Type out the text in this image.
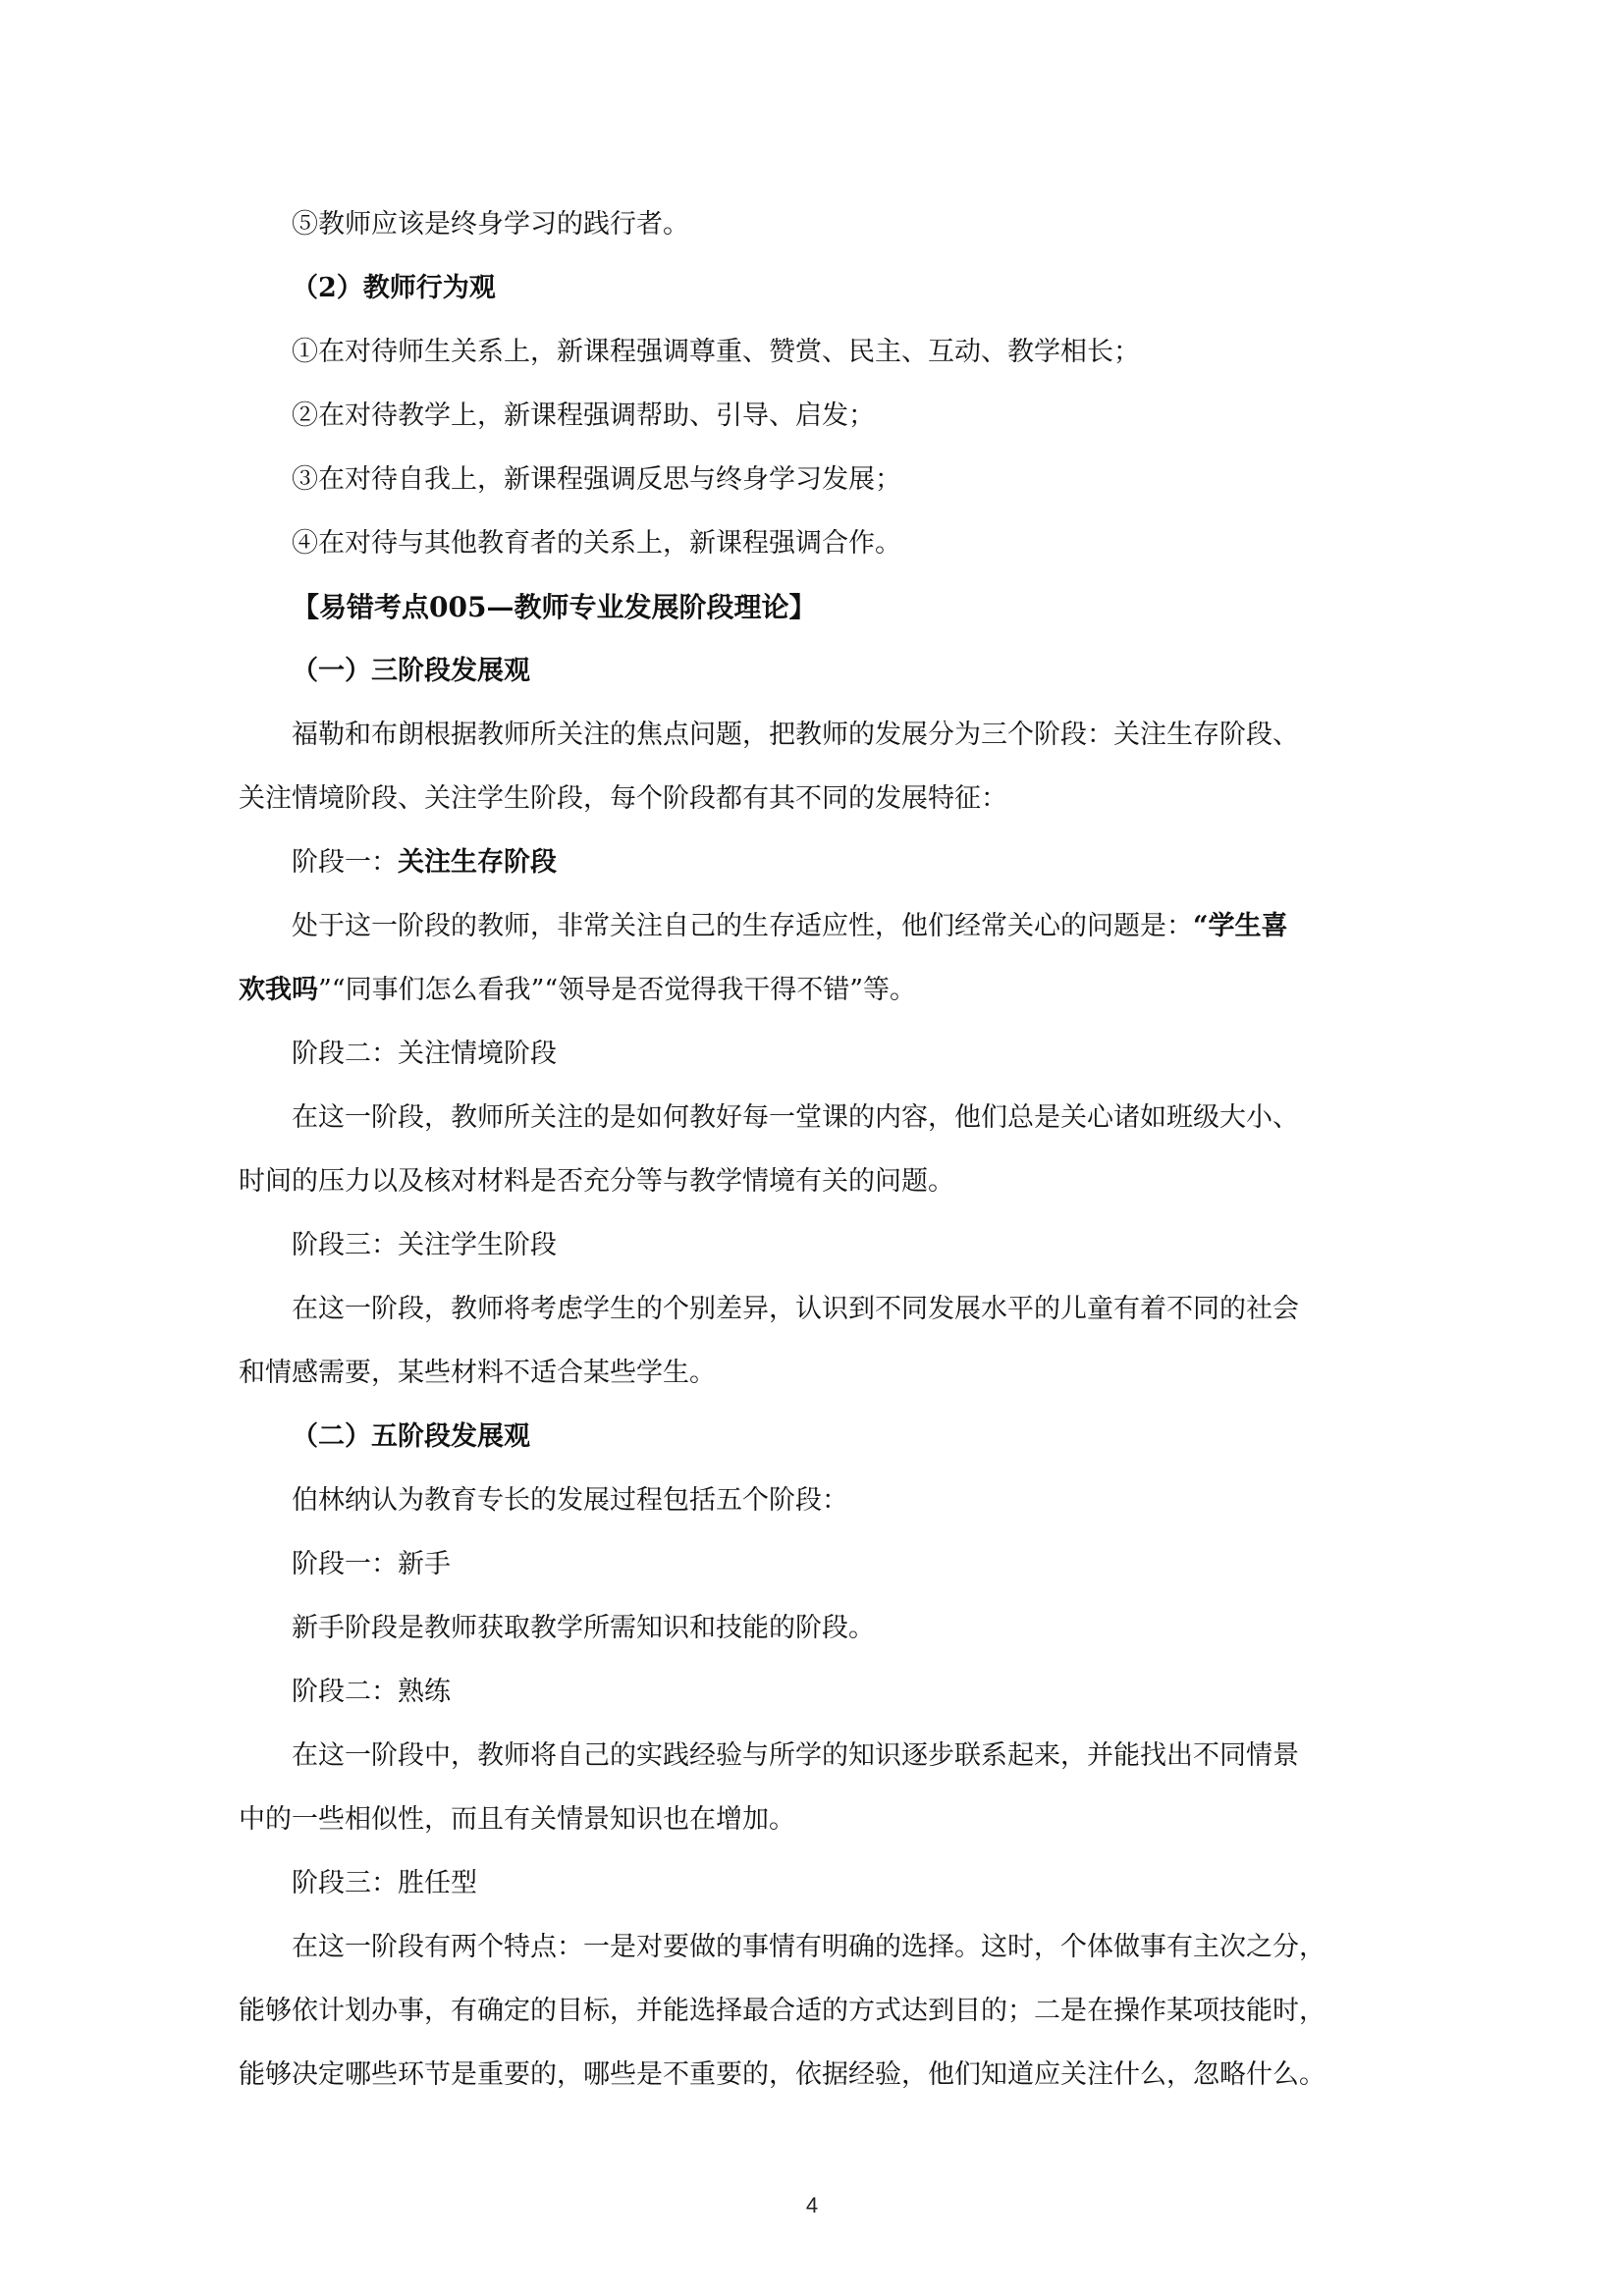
⑤教师应该是终身学习的践行者。

（2）教师行为观

①在对待师生关系上，新课程强调尊重、赞赏、民主、互动、教学相长；

②在对待教学上，新课程强调帮助、引导、启发；

③在对待自我上，新课程强调反思与终身学习发展；

④在对待与其他教育者的关系上，新课程强调合作。

【易错考点005—教师专业发展阶段理论】

（一）三阶段发展观

福勒和布朗根据教师所关注的焦点问题，把教师的发展分为三个阶段：关注生存阶段、

关注情境阶段、关注学生阶段，每个阶段都有其不同的发展特征：

阶段一：关注生存阶段

处于这一阶段的教师，非常关注自己的生存适应性，他们经常关心的问题是：“学生喜

欢我吗”“同事们怎么看我”“领导是否觉得我干得不错”等。

阶段二：关注情境阶段

在这一阶段，教师所关注的是如何教好每一堂课的内容，他们总是关心诸如班级大小、

时间的压力以及核对材料是否充分等与教学情境有关的问题。

阶段三：关注学生阶段

在这一阶段，教师将考虑学生的个别差异，认识到不同发展水平的儿童有着不同的社会

和情感需要，某些材料不适合某些学生。

（二）五阶段发展观

伯林纳认为教育专长的发展过程包括五个阶段：

阶段一：新手

新手阶段是教师获取教学所需知识和技能的阶段。

阶段二：熟练

在这一阶段中，教师将自己的实践经验与所学的知识逐步联系起来，并能找出不同情景

中的一些相似性，而且有关情景知识也在增加。

阶段三：胜任型

在这一阶段有两个特点：一是对要做的事情有明确的选择。这时，个体做事有主次之分，

能够依计划办事，有确定的目标，并能选择最合适的方式达到目的；二是在操作某项技能时，

能够决定哪些环节是重要的，哪些是不重要的，依据经验，他们知道应关注什么，忽略什么。

4
